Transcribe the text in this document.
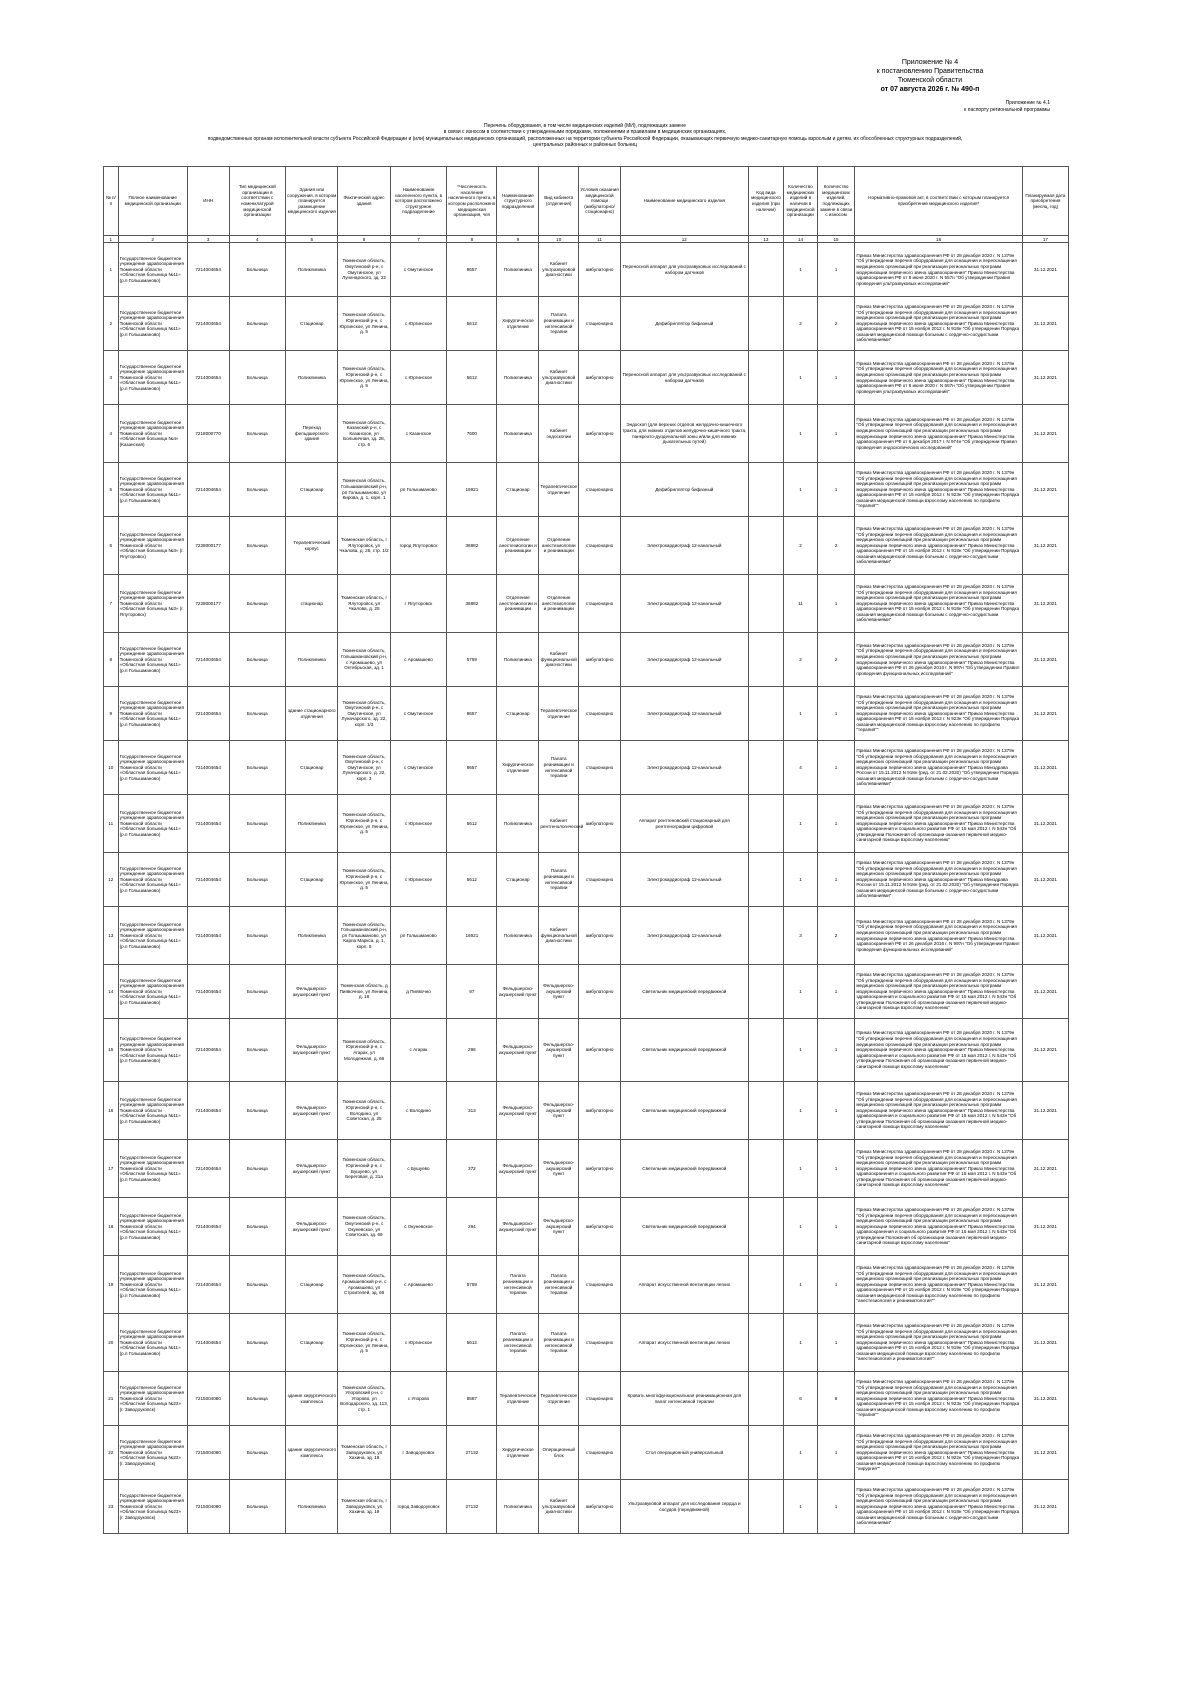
Приложение № 4
к постановлению Правительства
Тюменской области
от 07 августа 2026 г. № 490-п
Приложение № 4.1
к паспорту региональной программы
Перечень оборудования, в том числе медицинских изделий (МИ), подлежащих замене
в связи с износом в соответствии с утвержденными порядками, положениями и правилами в медицинских организациях,
подведомственных органам исполнительной власти субъекта Российской Федерации и (или) муниципальных медицинских организаций, расположенных на территории субъекта Российской Федерации, оказывающих первичную медико-санитарную помощь взрослым и детям, их обособленных структурных подразделений,
центральных районных и районных больниц
№ п/п	Полное наименование медицинской организации	ИНН	Тип медицинской организации в соответствии с номенклатурой медицинской организации	Здания или сооружения, в котором планируется размещение медицинского изделия	Фактический адрес здания	Наименование населенного пункта, в котором расположено структурное подразделение	*Численность населения населенного пункта, в котором расположено медицинская организация, чел	Наименование структурного подразделения	Вид кабинета (отделения)	Условия оказания медицинской помощи (амбулаторно/стационарно)	Наименование медицинского изделия	Код вида медицинского изделия (при наличии)	Количество медицинских изделий в наличии в медицинской организации	Количество медицинских изделий, подлежащих замене в связи с износом	Нормативно-правовой акт, в соответствии с которым планируется приобретение медицинского изделия*	Планируемая дата приобретения (месяц, год)
1	2	3	4	5	6	7	8	9	10	11	12	13	14	15	16	17
1	Государственное бюджетное учреждение здравоохранения Тюменской области «Областная больница №11» (р.п Голышманово)	7214004654	Больница	Поликлиника	Тюменская область, Омутинский р-н, с Омутинское, ул Луначарского, зд. 22	с Омутинское	9657	Поликлиника	Кабинет ультразвуковой диагностики	амбулаторно	Переносной аппарат для ультразвуковых исследований с набором датчиков		1	1	Приказ Министерства здравоохранения РФ от 28 декабря 2020 г. N 1379н "Об утверждении перечня оборудования для оснащения и переоснащения медицинских организаций при реализации региональных программ модернизации первичного звена здравоохранения" Приказ Министерства здравоохранения РФ от 8 июня 2020 г. N 557н "Об утверждении Правил проведения ультразвуковых исследований"	31.12.2021
2	Государственное бюджетное учреждение здравоохранения Тюменской области «Областная больница №11» (р.п Голышманово)	7214004654	Больница	Стационар	Тюменская область, Юргинский р-н, с Юргинское, ул Ленина, д. 5	с Юргинское	5612	Хирургическое отделение	Палата реанимации и интенсивной терапии	стационарно	Дефибриллятор бифазный		2	2	Приказ Министерства здравоохранения РФ от 28 декабря 2020 г. N 1379н "Об утверждении перечня оборудования для оснащения и переоснащения медицинских организаций при реализации региональных программ модернизации первичного звена здравоохранения" Приказ Министерства здравоохранения РФ от 15 ноября 2012 г. N 918н "Об утверждении Порядка оказания медицинской помощи больным с сердечно-сосудистыми заболеваниями"	31.12.2021
3	Государственное бюджетное учреждение здравоохранения Тюменской области «Областная больница №11» (р.п Голышманово)	7214004654	Больница	Поликлиника	Тюменская область, Юргинский р-н, с Юргинское, ул Ленина, д. 5	с Юргинское	5612	Поликлиника	Кабинет ультразвуковой диагностики	амбулаторно	Переносной аппарат для ультразвуковых исследований с набором датчиков		1	1	Приказ Министерства здравоохранения РФ от 28 декабря 2020 г. N 1379н "Об утверждении перечня оборудования для оснащения и переоснащения медицинских организаций при реализации региональных программ модернизации первичного звена здравоохранения" Приказ Министерства здравоохранения РФ от 8 июня 2020 г. N 557н "Об утверждении Правил проведения ультразвуковых исследований"	31.12.2021
4	Государственное бюджетное учреждение здравоохранения Тюменской области «Областная больница №4» (Казанская)	7218000770	Больница	Переход фельдшерского здания	Тюменская область, Казанский р-н, с Казанское, ул Больничная, зд. 28, стр. 6	с Казанское	7600	Поликлиника	Кабинет эндоскопии	амбулаторно	Эндоскоп (для верхних отделов желудочно-кишечного тракта, для нижних отделов желудочно-кишечного тракта, панкреато-дуоденальной зоны и/или для нижних дыхательных путей)		1	1	Приказ Министерства здравоохранения РФ от 28 декабря 2020 г. N 1379н "Об утверждении перечня оборудования для оснащения и переоснащения медицинских организаций при реализации региональных программ модернизации первичного звена здравоохранения" Приказ Министерства здравоохранения РФ от 6 декабря 2017 г. N 974н "Об утверждении Правил проведения эндоскопических исследований"	31.12.2021
5	Государственное бюджетное учреждение здравоохранения Тюменской области «Областная больница №11» (р.п Голышманово)	7214004654	Больница	Стационар	Тюменская область, Голышмановский р-н, рп Голышманово, ул Кирова, д. 1, корп. 1	рп Голышманово	16921	Стационар	Терапевтическое отделение	стационарно	Дефибриллятор бифазный		1	1	Приказ Министерства здравоохранения РФ от 28 декабря 2020 г. N 1379н "Об утверждении перечня оборудования для оснащения и переоснащения медицинских организаций при реализации региональных программ модернизации первичного звена здравоохранения" Приказ Министерства здравоохранения РФ от 15 ноября 2012 г. N 923н "Об утверждении Порядка оказания медицинской помощи взрослому населению по профилю "терапия""	31.12.2021
6	Государственное бюджетное учреждение здравоохранения Тюменской области «Областная больница №3» (г. Ялуторовск)	7228000177	Больница	Терапевтический корпус	Тюменская область, г Ялуторовск, ул Чкалова, д. 25, стр. 1/2	город Ялуторовск	36882	Отделение анестезиологии и реанимации	Отделение анестезиологии и реанимации	стационарно	Электрокардиограф 12-канальный		2	2	Приказ Министерства здравоохранения РФ от 28 декабря 2020 г. N 1379н "Об утверждении перечня оборудования для оснащения и переоснащения медицинских организаций при реализации региональных программ модернизации первичного звена здравоохранения" Приказ Министерства здравоохранения РФ от 15 ноября 2012 г. N 918н "Об утверждении Порядка оказания медицинской помощи больным с сердечно-сосудистыми заболеваниями"	31.12.2021
7	Государственное бюджетное учреждение здравоохранения Тюменской области «Областная больница №3» (г. Ялуторовск)	7228000177	Больница	стационар	Тюменская область, г Ялуторовск, ул Чкалова, д. 25	г Ялуторовск	36882	Отделение анестезиологии и реанимации	Отделение анестезиологии и реанимации	стационарно	Электрокардиограф 12-канальный		11	1	Приказ Министерства здравоохранения РФ от 28 декабря 2020 г. N 1379н "Об утверждении перечня оборудования для оснащения и переоснащения медицинских организаций при реализации региональных программ модернизации первичного звена здравоохранения" Приказ Министерства здравоохранения РФ от 15 ноября 2012 г. N 918н "Об утверждении Порядка оказания медицинской помощи больным с сердечно-сосудистыми заболеваниями"	31.12.2021
8	Государственное бюджетное учреждение здравоохранения Тюменской области «Областная больница №11» (р.п Голышманово)	7214004654	Больница	Поликлиника	Тюменская область, Голышмановский р-н, с Аромашево, ул Октябрьская, зд. 1	с Аромашево	5759	Поликлиника	Кабинет функциональной диагностики	амбулаторно	Электрокардиограф 12-канальный		2	2	Приказ Министерства здравоохранения РФ от 28 декабря 2020 г. N 1379н "Об утверждении перечня оборудования для оснащения и переоснащения медицинских организаций при реализации региональных программ модернизации первичного звена здравоохранения" Приказ Министерства здравоохранения РФ от 26 декабря 2016 г. N 997н "Об утверждении Правил проведения функциональных исследований"	31.12.2021
9	Государственное бюджетное учреждение здравоохранения Тюменской области «Областная больница №11» (р.п Голышманово)	7214004654	Больница	здание стационарного отделения	Тюменская область, Омутинский р-н, с Омутинское, ул Луначарского, зд. 22, корп. 1/3	с Омутинское	9657	Стационар	Терапевтическое отделение	стационарно	Электрокардиограф 12-канальный		1	1	Приказ Министерства здравоохранения РФ от 28 декабря 2020 г. N 1379н "Об утверждении перечня оборудования для оснащения и переоснащения медицинских организаций при реализации региональных программ модернизации первичного звена здравоохранения" Приказ Министерства здравоохранения РФ от 15 ноября 2012 г. N 923н "Об утверждении Порядка оказания медицинской помощи взрослому населению по профилю "терапия""	31.12.2021
10	Государственное бюджетное учреждение здравоохранения Тюменской области «Областная больница №11» (р.п Голышманово)	7214004654	Больница	Стационар	Тюменская область, Омутинский р-н, с Омутинское, ул Луначарского, д. 22, корп. 3	с Омутинское	9657	Хирургическое отделение	Палата реанимации и интенсивной терапии	стационарно	Электрокардиограф 12-канальный		4	1	Приказ Министерства здравоохранения РФ от 28 декабря 2020 г. N 1379н "Об утверждении перечня оборудования для оснащения и переоснащения медицинских организаций при реализации региональных программ модернизации первичного звена здравоохранения" Приказ Минздрава России от 15.11.2012 N 918н (ред. от 21.02.2020) "Об утверждении Порядка оказания медицинской помощи больным с сердечно-сосудистыми заболеваниями"	31.12.2021
11	Государственное бюджетное учреждение здравоохранения Тюменской области «Областная больница №11» (р.п Голышманово)	7214004654	Больница	Поликлиника	Тюменская область, Юргинский р-н, с Юргинское, ул Ленина, д. 5	с Юргинское	5612	Поликлиника	Кабинет рентгенологический	амбулаторно	Аппарат рентгеновский стационарный для рентгенографии цифровой		1	1	Приказ Министерства здравоохранения РФ от 28 декабря 2020 г. N 1379н "Об утверждении перечня оборудования для оснащения и переоснащения медицинских организаций при реализации региональных программ модернизации первичного звена здравоохранения" Приказ Министерства здравоохранения и социального развития РФ от 15 мая 2012 г. N 543н "Об утверждении Положения об организации оказания первичной медико-санитарной помощи взрослому населению"	31.12.2021
12	Государственное бюджетное учреждение здравоохранения Тюменской области «Областная больница №11» (р.п Голышманово)	7214004654	Больница	Стационар	Тюменская область, Юргинский р-н, с Юргинское, ул Ленина, д. 5	с Юргинское	5612	Стационар	Палата реанимации и интенсивной терапии	стационарно	Электрокардиограф 12-канальный		1	1	Приказ Министерства здравоохранения РФ от 28 декабря 2020 г. N 1379н "Об утверждении перечня оборудования для оснащения и переоснащения медицинских организаций при реализации региональных программ модернизации первичного звена здравоохранения" Приказ Минздрава России от 15.11.2012 N 918н (ред. от 21.02.2020) "Об утверждении Порядка оказания медицинской помощи больным с сердечно-сосудистыми заболеваниями"	31.12.2021
13	Государственное бюджетное учреждение здравоохранения Тюменской области «Областная больница №11» (р.п Голышманово)	7214004654	Больница	Поликлиника	Тюменская область, Голышмановский р-н, рп Голышманово, ул Карла Маркса, д. 1, корп. 5	рп Голышманово	16921	Поликлиника	Кабинет функциональной диагностики	амбулаторно	Электрокардиограф 12-канальный		3	2	Приказ Министерства здравоохранения РФ от 28 декабря 2020 г. N 1379н "Об утверждении перечня оборудования для оснащения и переоснащения медицинских организаций при реализации региональных программ модернизации первичного звена здравоохранения" Приказ Министерства здравоохранения РФ от 26 декабря 2016 г. N 997н "Об утверждении Правил проведения функциональных исследований"	31.12.2021
14	Государственное бюджетное учреждение здравоохранения Тюменской области «Областная больница №11» (р.п Голышманово)	7214004654	Больница	Фельдшерско-акушерский пункт	Тюменская область, д Пиявочное, ул Ленина, д. 18	д Пиявочно	97	Фельдшерско-акушерский пункт	Фельдшерско-акушерский пункт	амбулаторно	Светильник медицинский передвижной		1	1	Приказ Министерства здравоохранения РФ от 28 декабря 2020 г. N 1379н "Об утверждении перечня оборудования для оснащения и переоснащения медицинских организаций при реализации региональных программ модернизации первичного звена здравоохранения" Приказ Министерства здравоохранения и социального развития РФ от 15 мая 2012 г. N 543н "Об утверждении Положения об организации оказания первичной медико-санитарной помощи взрослому населению"	31.12.2021
15	Государственное бюджетное учреждение здравоохранения Тюменской области «Областная больница №11» (р.п Голышманово)	7214004654	Больница	Фельдшерско-акушерский пункт	Тюменская область, Юргинский р-н, с Агарак, ул Молодежная, д. 66	с Агарак	296	Фельдшерско-акушерский пункт	Фельдшерско-акушерский пункт	амбулаторно	Светильник медицинский передвижной		1	1	Приказ Министерства здравоохранения РФ от 28 декабря 2020 г. N 1379н "Об утверждении перечня оборудования для оснащения и переоснащения медицинских организаций при реализации региональных программ модернизации первичного звена здравоохранения" Приказ Министерства здравоохранения и социального развития РФ от 15 мая 2012 г. N 543н "Об утверждении Положения об организации оказания первичной медико-санитарной помощи взрослому населению"	31.12.2021
16	Государственное бюджетное учреждение здравоохранения Тюменской области «Областная больница №11» (р.п Голышманово)	7214004654	Больница	Фельдшерско-акушерский пункт	Тюменская область, Юргинский р-н, с Володино, ул Советская, д. 25	с Володино	313	Фельдшерско-акушерский пункт	Фельдшерско-акушерский пункт	амбулаторно	Светильник медицинский передвижной		1	1	Приказ Министерства здравоохранения РФ от 28 декабря 2020 г. N 1379н "Об утверждении перечня оборудования для оснащения и переоснащения медицинских организаций при реализации региональных программ модернизации первичного звена здравоохранения" Приказ Министерства здравоохранения и социального развития РФ от 15 мая 2012 г. N 543н "Об утверждении Положения об организации оказания первичной медико-санитарной помощи взрослому населению"	31.12.2021
17	Государственное бюджетное учреждение здравоохранения Тюменской области «Областная больница №11» (р.п Голышманово)	7214004654	Больница	Фельдшерско-акушерский пункт	Тюменская область, Юргинский р-н, с Бушуево, ул Береговая, д. 21а	с Бушуево	372	Фельдшерско-акушерский пункт	Фельдшерско-акушерский пункт	амбулаторно	Светильник медицинский передвижной		1	1	Приказ Министерства здравоохранения РФ от 28 декабря 2020 г. N 1379н "Об утверждении перечня оборудования для оснащения и переоснащения медицинских организаций при реализации региональных программ модернизации первичного звена здравоохранения" Приказ Министерства здравоохранения и социального развития РФ от 15 мая 2012 г. N 543н "Об утверждении Положения об организации оказания первичной медико-санитарной помощи взрослому населению"	31.12.2021
18	Государственное бюджетное учреждение здравоохранения Тюменской области «Областная больница №11» (р.п Голышманово)	7214004654	Больница	Фельдшерско-акушерский пункт	Тюменская область, Омутинский р-н, с Окуневское, ул Советская, зд. 69	с Окуневское	294	Фельдшерско-акушерский пункт	Фельдшерско-акушерский пункт	амбулаторно	Светильник медицинский передвижной		1	1	Приказ Министерства здравоохранения РФ от 28 декабря 2020 г. N 1379н "Об утверждении перечня оборудования для оснащения и переоснащения медицинских организаций при реализации региональных программ модернизации первичного звена здравоохранения" Приказ Министерства здравоохранения и социального развития РФ от 15 мая 2012 г. N 543н "Об утверждении Положения об организации оказания первичной медико-санитарной помощи взрослому населению"	31.12.2021
19	Государственное бюджетное учреждение здравоохранения Тюменской области «Областная больница №11» (р.п Голышманово)	7214004654	Больница	Стационар	Тюменская область, Аромашевский р-н, с Аромашево, ул Строителей, зд. 66	с Аромашево	5759	Палата реанимации и интенсивной терапии	Палата реанимации и интенсивной терапии	стационарно	Аппарат искусственной вентиляции легких		1	1	Приказ Министерства здравоохранения РФ от 28 декабря 2020 г. N 1379н "Об утверждении перечня оборудования для оснащения и переоснащения медицинских организаций при реализации региональных программ модернизации первичного звена здравоохранения" Приказ Министерства здравоохранения РФ от 15 ноября 2012 г. N 919н "Об утверждении Порядка оказания медицинской помощи взрослому населению по профилю "анестезиология и реаниматология""	31.12.2021
20	Государственное бюджетное учреждение здравоохранения Тюменской области «Областная больница №11» (р.п Голышманово)	7214004654	Больница	Стационар	Тюменская область, Юргинский р-н, с Юргинское, ул Ленина, д. 5	с Юргинское	5612	Палата реанимации и интенсивной терапии	Палата реанимации и интенсивной терапии	стационарно	Аппарат искусственной вентиляции легких		1	1	Приказ Министерства здравоохранения РФ от 28 декабря 2020 г. N 1379н "Об утверждении перечня оборудования для оснащения и переоснащения медицинских организаций при реализации региональных программ модернизации первичного звена здравоохранения" Приказ Министерства здравоохранения РФ от 15 ноября 2012 г. N 919н "Об утверждении Порядка оказания медицинской помощи взрослому населению по профилю "анестезиология и реаниматология""	31.12.2021
21	Государственное бюджетное учреждение здравоохранения Тюменской области «Областная больница №23» (г. Заводоуковск)	7215004080	Больница	здание хирургического комплекса	Тюменская область, Упоровский р-н, с Упорово, ул Володарского, зд. 113, стр. 1	с Упорово	8587	Терапевтическое отделение	Терапевтическое отделение	стационарно	Кровать многофункциональная реанимационная для палат интенсивной терапии		6	6	Приказ Министерства здравоохранения РФ от 28 декабря 2020 г. N 1379н "Об утверждении перечня оборудования для оснащения и переоснащения медицинских организаций при реализации региональных программ модернизации первичного звена здравоохранения" Приказ Министерства здравоохранения РФ от 15 ноября 2012 г. N 923н "Об утверждении Порядка оказания медицинской помощи взрослому населению по профилю "терапия""	31.12.2021
22	Государственное бюджетное учреждение здравоохранения Тюменской области «Областная больница №23» (г. Заводоуковск)	7215004080	Больница	здание хирургического комплекса	Тюменская область, г Заводоуковск, ул Хахина, зд. 19	г Заводоуковск	27132	Хирургическое отделение	Операционный блок	стационарно	Стол операционный универсальный		1	1	Приказ Министерства здравоохранения РФ от 28 декабря 2020 г. N 1379н "Об утверждении перечня оборудования для оснащения и переоснащения медицинских организаций при реализации региональных программ модернизации первичного звена здравоохранения" Приказ Министерства здравоохранения РФ от 15 ноября 2012 г. N 922н "Об утверждении Порядка оказания медицинской помощи взрослому населению по профилю "хирургия""	31.12.2021
23	Государственное бюджетное учреждение здравоохранения Тюменской области «Областная больница №23» (г. Заводоуковск)	7215004080	Больница	Поликлиника	Тюменская область, г Заводоуковск, ул Хахина, зд. 19	город Заводоуковск	27132	Поликлиника	Кабинет ультразвуковой диагностики	амбулаторно	Ультразвуковой аппарат для исследования сердца и сосудов (передвижной)		1	1	Приказ Министерства здравоохранения РФ от 28 декабря 2020 г. N 1379н "Об утверждении перечня оборудования для оснащения и переоснащения медицинских организаций при реализации региональных программ модернизации первичного звена здравоохранения" Приказ Министерства здравоохранения РФ от 15 ноября 2012 г. N 918н "Об утверждении Порядка оказания медицинской помощи больным с сердечно-сосудистыми заболеваниями"	31.12.2021
